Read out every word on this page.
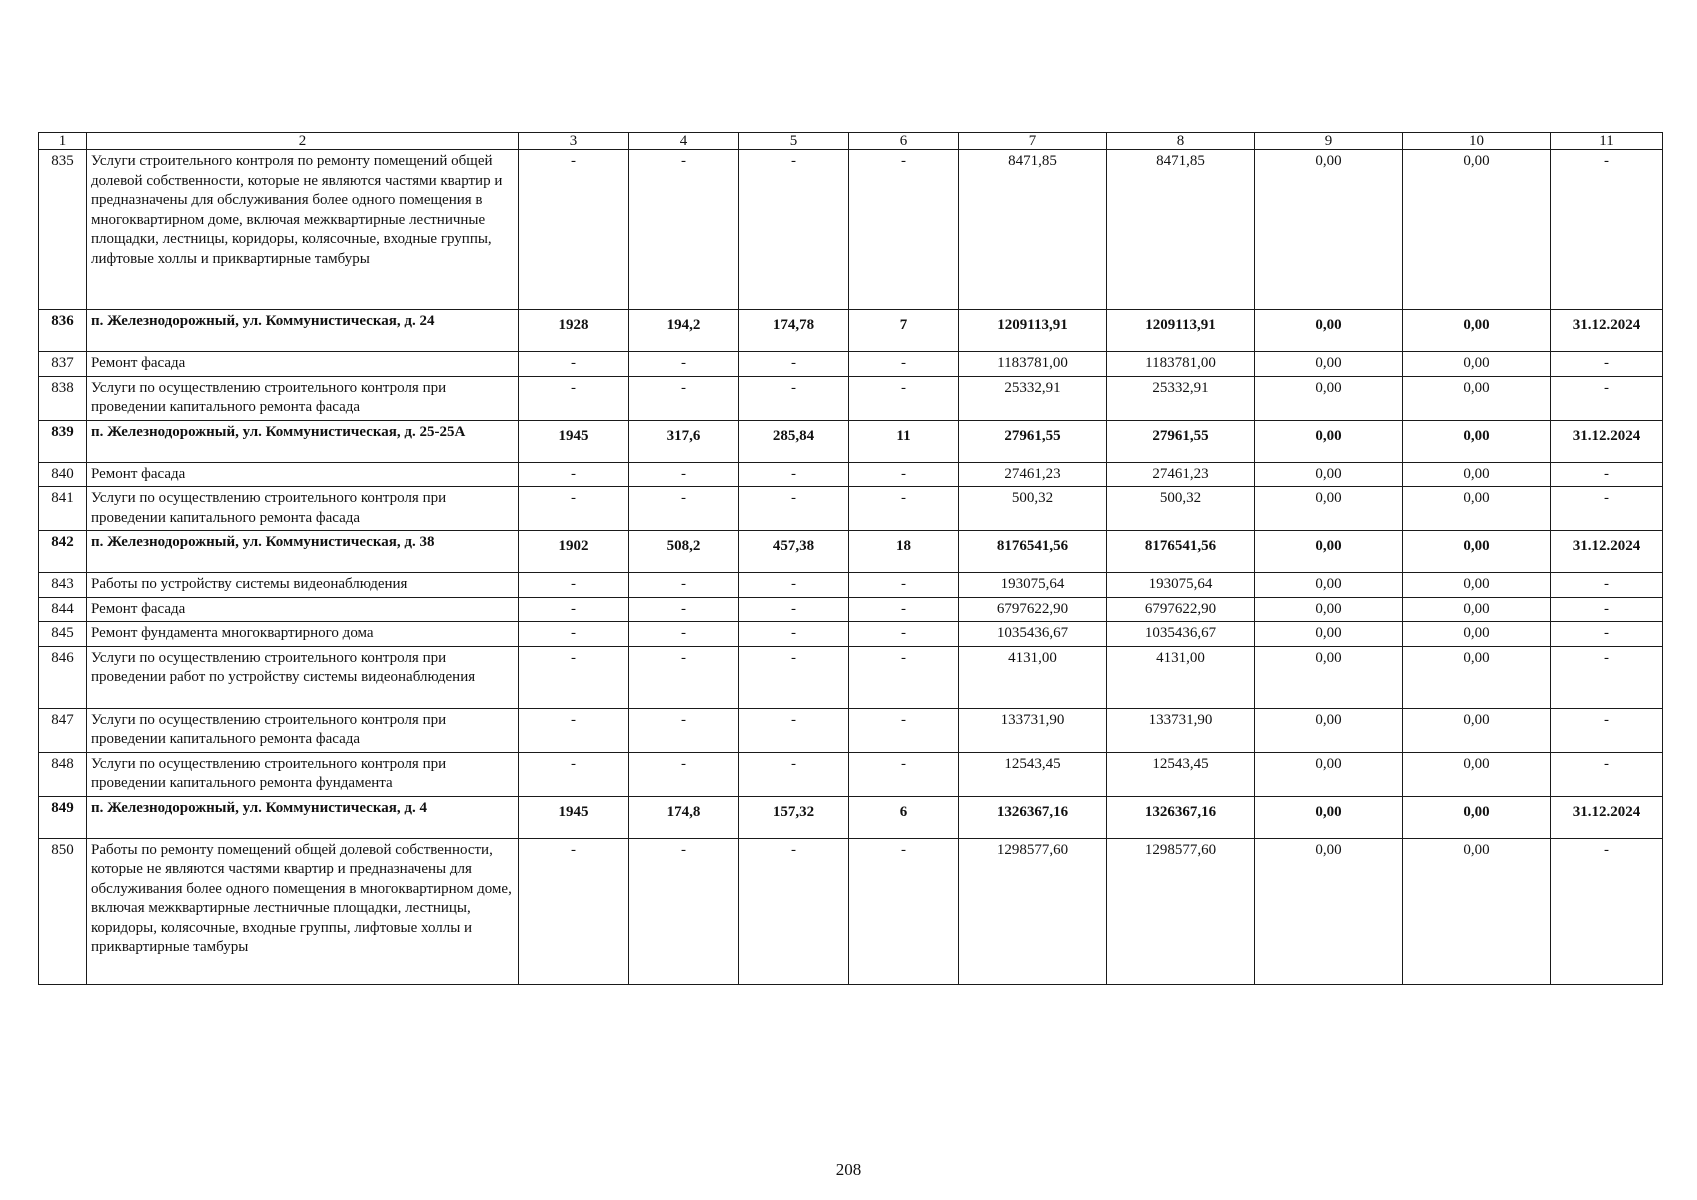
1	2	3	4	5	6	7	8	9	10	11
835	Услуги строительного контроля по ремонту помещений общей долевой собственности, которые не являются частями квартир и предназначены для обслуживания более одного помещения в многоквартирном доме, включая межквартирные лестничные площадки, лестницы, коридоры, колясочные, входные группы, лифтовые холлы и приквартирные тамбуры	-	-	-	-	8471,85	8471,85	0,00	0,00	-
836	п. Железнодорожный, ул. Коммунистическая, д. 24	1928	194,2	174,78	7	1209113,91	1209113,91	0,00	0,00	31.12.2024
837	Ремонт фасада	-	-	-	-	1183781,00	1183781,00	0,00	0,00	-
838	Услуги по осуществлению строительного контроля при проведении капитального ремонта фасада	-	-	-	-	25332,91	25332,91	0,00	0,00	-
839	п. Железнодорожный, ул. Коммунистическая, д. 25-25А	1945	317,6	285,84	11	27961,55	27961,55	0,00	0,00	31.12.2024
840	Ремонт фасада	-	-	-	-	27461,23	27461,23	0,00	0,00	-
841	Услуги по осуществлению строительного контроля при проведении капитального ремонта фасада	-	-	-	-	500,32	500,32	0,00	0,00	-
842	п. Железнодорожный, ул. Коммунистическая, д. 38	1902	508,2	457,38	18	8176541,56	8176541,56	0,00	0,00	31.12.2024
843	Работы по устройству системы видеонаблюдения	-	-	-	-	193075,64	193075,64	0,00	0,00	-
844	Ремонт фасада	-	-	-	-	6797622,90	6797622,90	0,00	0,00	-
845	Ремонт фундамента многоквартирного дома	-	-	-	-	1035436,67	1035436,67	0,00	0,00	-
846	Услуги по осуществлению строительного контроля при проведении работ по устройству системы видеонаблюдения	-	-	-	-	4131,00	4131,00	0,00	0,00	-
847	Услуги по осуществлению строительного контроля при проведении капитального ремонта фасада	-	-	-	-	133731,90	133731,90	0,00	0,00	-
848	Услуги по осуществлению строительного контроля при проведении капитального ремонта фундамента	-	-	-	-	12543,45	12543,45	0,00	0,00	-
849	п. Железнодорожный, ул. Коммунистическая, д. 4	1945	174,8	157,32	6	1326367,16	1326367,16	0,00	0,00	31.12.2024
850	Работы по ремонту помещений общей долевой собственности, которые не являются частями квартир и предназначены для обслуживания более одного помещения в многоквартирном доме, включая межквартирные лестничные площадки, лестницы, коридоры, колясочные, входные группы, лифтовые холлы и приквартирные тамбуры	-	-	-	-	1298577,60	1298577,60	0,00	0,00	-
208
